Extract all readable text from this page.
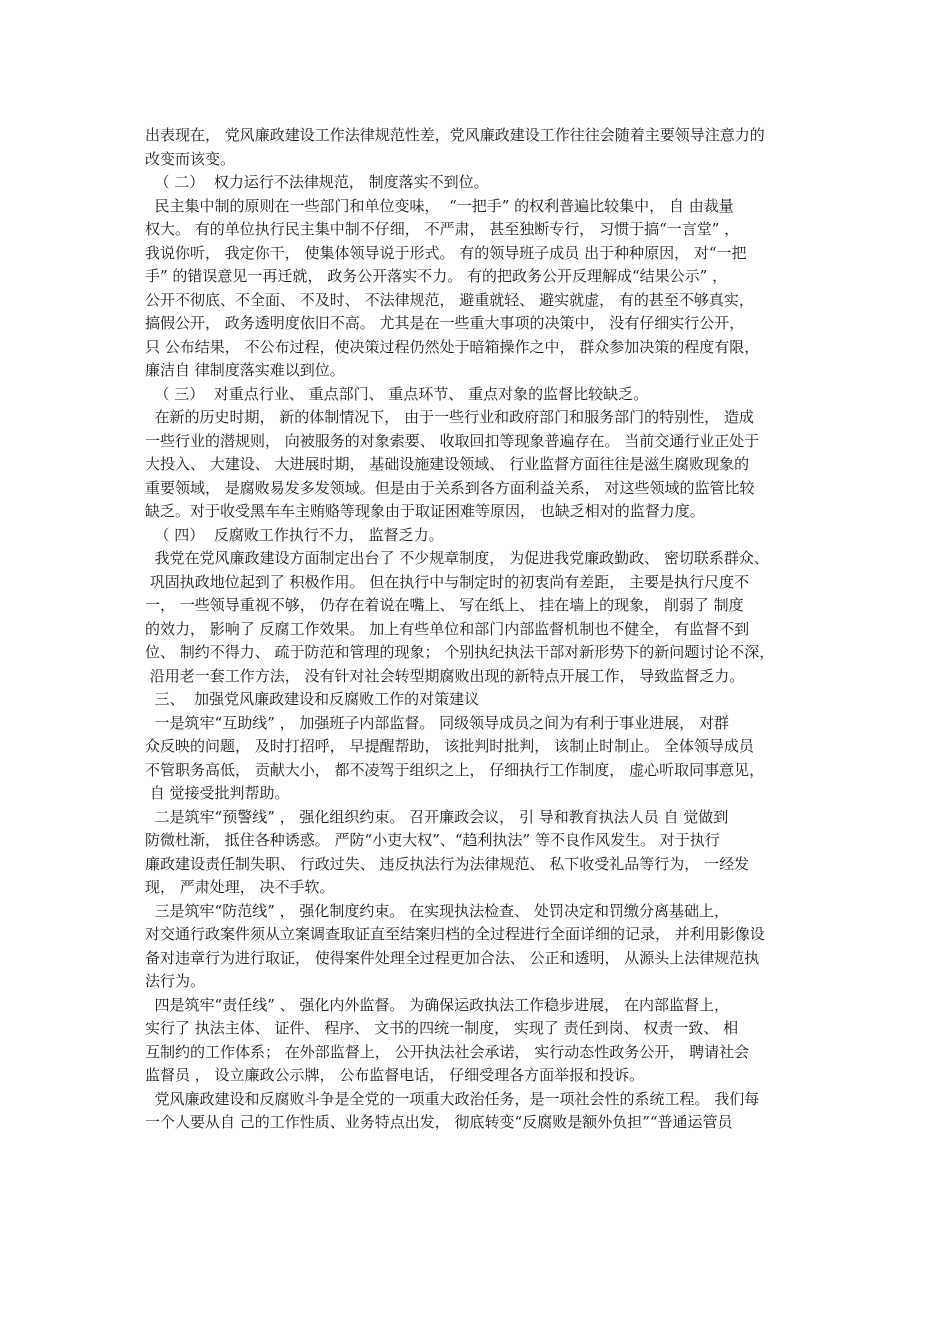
出表现在， 党风廉政建设工作法律规范性差，党风廉政建设工作往往会随着主要领导注意力的
改变而该变。
（ 二）  权力运行不法律规范， 制度落实不到位。
民主集中制的原则在一些部门和单位变味，  “一把手” 的权利普遍比较集中， 自 由裁量
权大。 有的单位执行民主集中制不仔细， 不严肃， 甚至独断专行， 习惯于搞“一言堂” ，
我说你听， 我定你干， 使集体领导说于形式。 有的领导班子成员 出于种种原因， 对“一把
手” 的错误意见一再迁就， 政务公开落实不力。 有的把政务公开反理解成“结果公示” ，
公开不彻底、不全面、 不及时、 不法律规范， 避重就轻、 避实就虚， 有的甚至不够真实，
搞假公开， 政务透明度依旧不高。 尤其是在一些重大事项的决策中， 没有仔细实行公开，
只 公布结果， 不公布过程，使决策过程仍然处于暗箱操作之中， 群众参加决策的程度有限，
廉洁自 律制度落实难以到位。
（ 三）  对重点行业、 重点部门、 重点环节、 重点对象的监督比较缺乏。
在新的历史时期， 新的体制情况下， 由于一些行业和政府部门和服务部门的特别性， 造成
一些行业的潜规则， 向被服务的对象索要、 收取回扣等现象普遍存在。 当前交通行业正处于
大投入、 大建设、 大进展时期， 基础设施建设领域、 行业监督方面往往是滋生腐败现象的
重要领域， 是腐败易发多发领域。但是由于关系到各方面利益关系， 对这些领域的监管比较
缺乏。对于收受黑车车主贿赂等现象由于取证困难等原因， 也缺乏相对的监督力度。
（ 四）  反腐败工作执行不力， 监督乏力。
我党在党风廉政建设方面制定出台了 不少规章制度， 为促进我党廉政勤政、 密切联系群众、
巩固执政地位起到了 积极作用。 但在执行中与制定时的初衷尚有差距， 主要是执行尺度不
一， 一些领导重视不够， 仍存在着说在嘴上、 写在纸上、 挂在墙上的现象， 削弱了 制度
的效力， 影响了 反腐工作效果。 加上有些单位和部门内部监督机制也不健全， 有监督不到
位、 制约不得力、 疏于防范和管理的现象； 个别执纪执法干部对新形势下的新问题讨论不深，
沿用老一套工作方法， 没有针对社会转型期腐败出现的新特点开展工作， 导致监督乏力。
三、  加强党风廉政建设和反腐败工作的对策建议
一是筑牢“互助线” ， 加强班子内部监督。 同级领导成员之间为有利于事业进展， 对群
众反映的问题， 及时打招呼， 早提醒帮助， 该批判时批判， 该制止时制止。 全体领导成员
不管职务高低， 贡献大小， 都不凌驾于组织之上， 仔细执行工作制度， 虚心听取同事意见，
自 觉接受批判帮助。
二是筑牢“预警线” ， 强化组织约束。 召开廉政会议， 引 导和教育执法人员 自 觉做到
防微杜渐， 抵住各种诱惑。 严防“小吏大权”、“趋利执法” 等不良作风发生。 对于执行
廉政建设责任制失职、 行政过失、 违反执法行为法律规范、 私下收受礼品等行为， 一经发
现， 严肃处理， 决不手软。
三是筑牢“防范线” ， 强化制度约束。 在实现执法检查、 处罚决定和罚缴分离基础上，
对交通行政案件须从立案调查取证直至结案归档的全过程进行全面详细的记录， 并利用影像设
备对违章行为进行取证， 使得案件处理全过程更加合法、 公正和透明， 从源头上法律规范执
法行为。
四是筑牢“责任线” 、 强化内外监督。 为确保运政执法工作稳步进展， 在内部监督上，
实行了 执法主体、 证件、 程序、 文书的四统一制度， 实现了 责任到岗、 权责一致、 相
互制约的工作体系； 在外部监督上， 公开执法社会承诺， 实行动态性政务公开， 聘请社会
监督员 ， 设立廉政公示牌， 公布监督电话， 仔细受理各方面举报和投诉。
党风廉政建设和反腐败斗争是全党的一项重大政治任务，是一项社会性的系统工程。 我们每
一个人要从自 己的工作性质、业务特点出发， 彻底转变“反腐败是额外负担”“普通运管员
